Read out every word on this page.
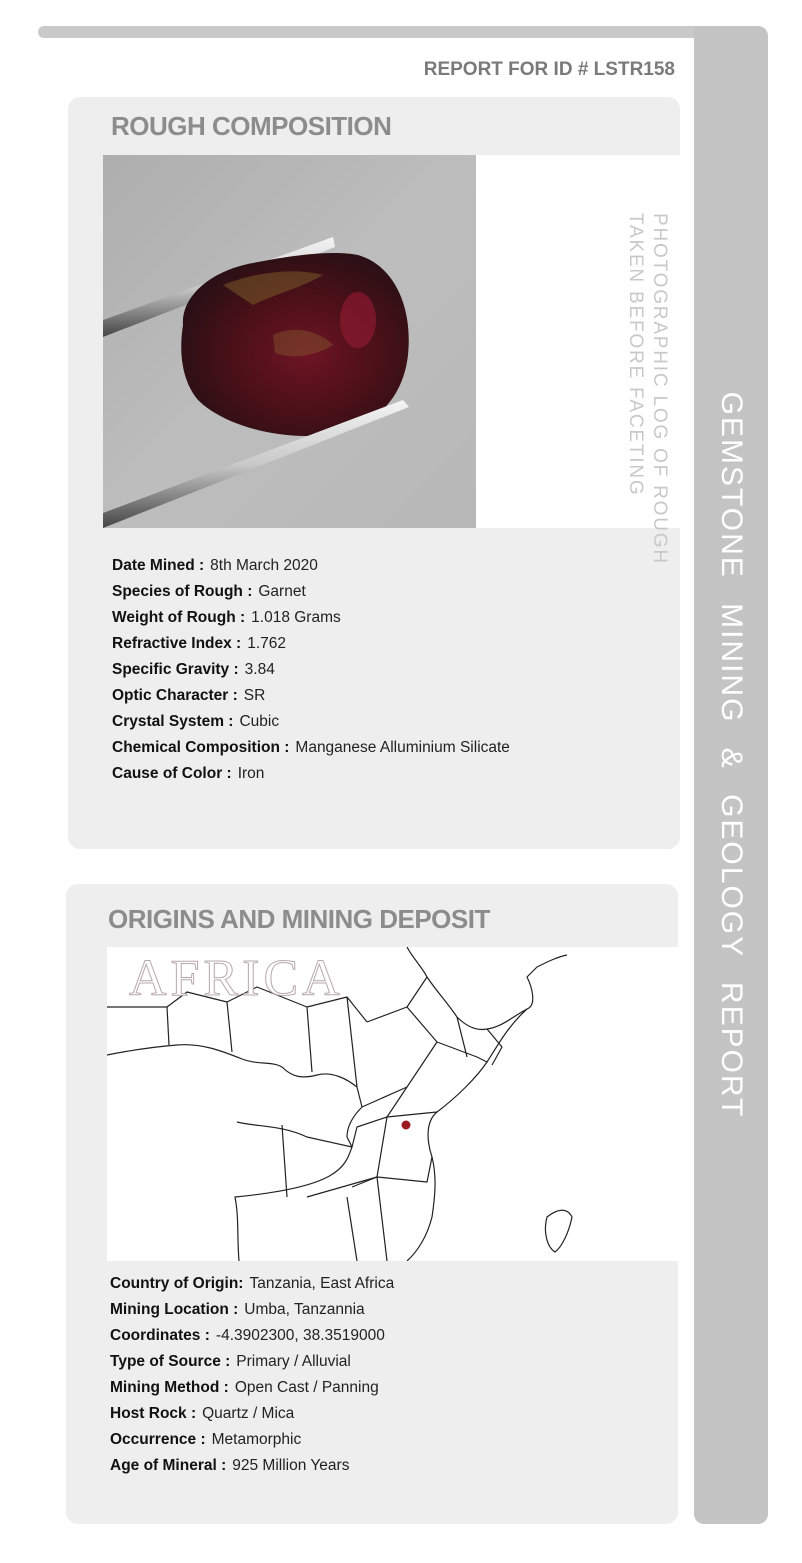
GEMSTONE MINING & GEOLOGY REPORT
REPORT FOR ID # LSTR158
ROUGH COMPOSITION
PHOTOGRAPHIC LOG OF ROUGH
TAKEN BEFORE FACETING
Date Mined : 8th March 2020
Species of Rough : Garnet
Weight of Rough : 1.018 Grams
Refractive Index : 1.762
Specific Gravity : 3.84
Optic Character : SR
Crystal System : Cubic
Chemical Composition : Manganese Alluminium Silicate
Cause of Color : Iron
ORIGINS AND MINING DEPOSIT
AFRICA
Country of Origin: Tanzania, East Africa
Mining Location : Umba, Tanzannia
Coordinates : -4.3902300, 38.3519000
Type of Source : Primary / Alluvial
Mining Method : Open Cast / Panning
Host Rock : Quartz / Mica
Occurrence : Metamorphic
Age of Mineral : 925 Million Years
